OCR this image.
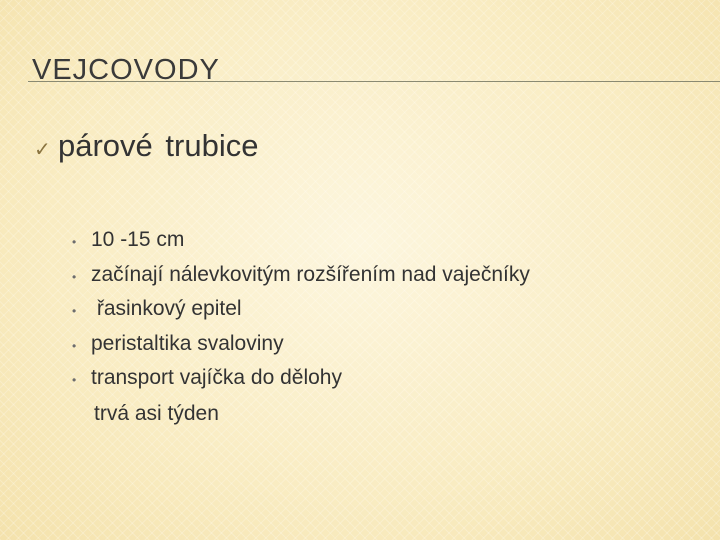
VEJCOVODY
✓ párové trubice
• 10 -15 cm
• začínají nálevkovitým rozšířením nad vaječníky
• řasinkový epitel
• peristaltika svaloviny
• transport vajíčka do dělohy
trvá asi týden
